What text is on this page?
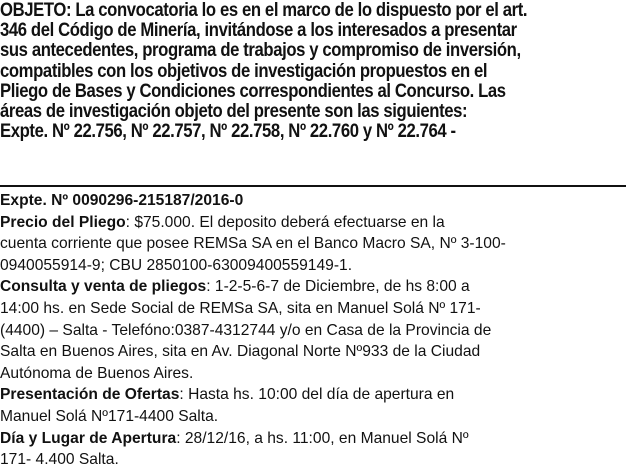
OBJETO: La convocatoria lo es en el marco de lo dispuesto por el art.
346 del Código de Minería, invitándose a los interesados a presentar
sus antecedentes, programa de trabajos y compromiso de inversión,
compatibles con los objetivos de investigación propuestos en el
Pliego de Bases y Condiciones correspondientes al Concurso. Las
áreas de investigación objeto del presente son las siguientes:
Expte. Nº 22.756, Nº 22.757, Nº 22.758, Nº 22.760 y Nº 22.764 -
Expte. Nº 0090296-215187/2016-0
Precio del Pliego: $75.000. El deposito deberá efectuarse en la
cuenta corriente que posee REMSa SA en el Banco Macro SA, Nº 3-100-
0940055914-9; CBU 2850100-63009400559149-1.
Consulta y venta de pliegos: 1-2-5-6-7 de Diciembre, de hs 8:00 a
14:00 hs. en Sede Social de REMSa SA, sita en Manuel Solá Nº 171-
(4400) – Salta - Telefóno:0387-4312744 y/o en Casa de la Provincia de
Salta en Buenos Aires, sita en Av. Diagonal Norte Nº933 de la Ciudad
Autónoma de Buenos Aires.
Presentación de Ofertas: Hasta hs. 10:00 del día de apertura en
Manuel Solá Nº171-4400 Salta.
Día y Lugar de Apertura: 28/12/16, a hs. 11:00, en Manuel Solá Nº
171- 4.400 Salta.
